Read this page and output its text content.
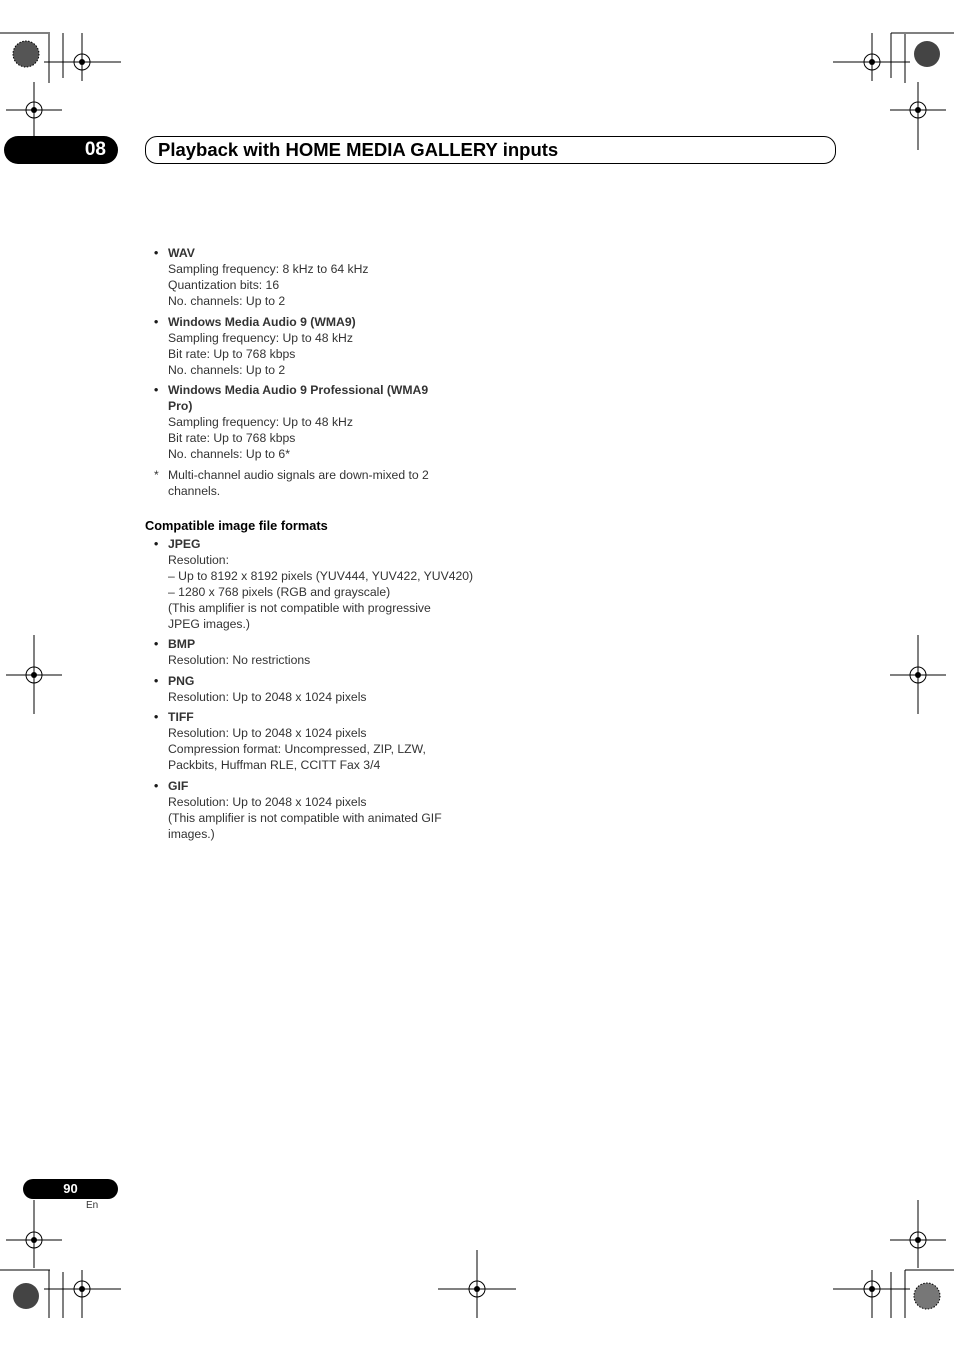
08	Playback with HOME MEDIA GALLERY inputs
• WAV
Sampling frequency: 8 kHz to 64 kHz
Quantization bits: 16
No. channels: Up to 2
• Windows Media Audio 9 (WMA9)
Sampling frequency: Up to 48 kHz
Bit rate: Up to 768 kbps
No. channels: Up to 2
• Windows Media Audio 9 Professional (WMA9
Pro)
Sampling frequency: Up to 48 kHz
Bit rate: Up to 768 kbps
No. channels: Up to 6*
* Multi-channel audio signals are down-mixed to 2
channels.
Compatible image file formats
• JPEG
Resolution:
– Up to 8192 x 8192 pixels (YUV444, YUV422, YUV420)
– 1280 x 768 pixels (RGB and grayscale)
(This amplifier is not compatible with progressive
JPEG images.)
• BMP
Resolution: No restrictions
• PNG
Resolution: Up to 2048 x 1024 pixels
• TIFF
Resolution: Up to 2048 x 1024 pixels
Compression format: Uncompressed, ZIP, LZW,
Packbits, Huffman RLE, CCITT Fax 3/4
• GIF
Resolution: Up to 2048 x 1024 pixels
(This amplifier is not compatible with animated GIF
images.)
90
En
